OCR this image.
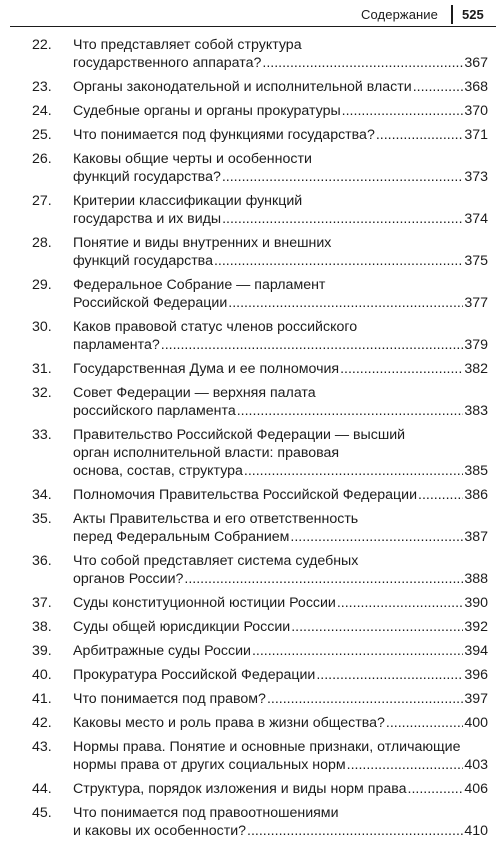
Содержание 525
22. Что представляет собой структура
государственного аппарата? .....	367
23. Органы законодательной и исполнительной власти .....	368
24. Судебные органы и органы прокуратуры .....	370
25. Что понимается под функциями государства? .....	371
26. Каковы общие черты и особенности
функций государства? .....	373
27. Критерии классификации функций
государства и их виды .....	374
28. Понятие и виды внутренних и внешних
функций государства .....	375
29. Федеральное Собрание — парламент
Российской Федерации .....	377
30. Каков правовой статус членов российского
парламента? .....	379
31. Государственная Дума и ее полномочия .....	382
32. Совет Федерации — верхняя палата
российского парламента .....	383
33. Правительство Российской Федерации — высший
орган исполнительной власти: правовая
основа, состав, структура .....	385
34. Полномочия Правительства Российской Федерации .....	386
35. Акты Правительства и его ответственность
перед Федеральным Собранием .....	387
36. Что собой представляет система судебных
органов России? .....	388
37. Суды конституционной юстиции России .....	390
38. Суды общей юрисдикции России .....	392
39. Арбитражные суды России .....	394
40. Прокуратура Российской Федерации .....	396
41. Что понимается под правом? .....	397
42. Каковы место и роль права в жизни общества? .....	400
43. Нормы права. Понятие и основные признаки, отличающие
нормы права от других социальных норм .....	403
44. Структура, порядок изложения и виды норм права .....	406
45. Что понимается под правоотношениями
и каковы их особенности? .....	410
